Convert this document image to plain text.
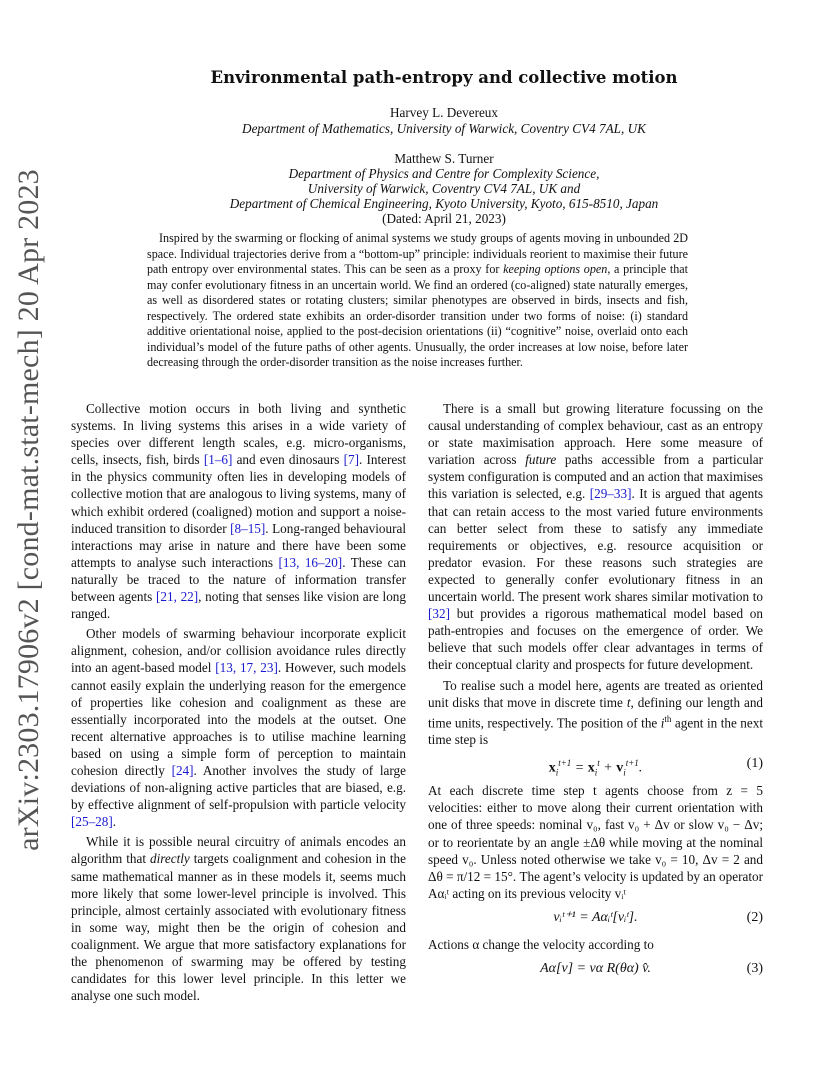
arXiv:2303.17906v2 [cond-mat.stat-mech] 20 Apr 2023
Environmental path-entropy and collective motion
Harvey L. Devereux
Department of Mathematics, University of Warwick, Coventry CV4 7AL, UK
Matthew S. Turner
Department of Physics and Centre for Complexity Science,
University of Warwick, Coventry CV4 7AL, UK and
Department of Chemical Engineering, Kyoto University, Kyoto, 615-8510, Japan
(Dated: April 21, 2023)

Inspired by the swarming or flocking of animal systems we study groups of agents moving in unbounded 2D space. Individual trajectories derive from a “bottom-up” principle: individuals reorient to maximise their future path entropy over environmental states. This can be seen as a proxy for keeping options open, a principle that may confer evolutionary fitness in an uncertain world. We find an ordered (co-aligned) state naturally emerges, as well as disordered states or rotating clusters; similar phenotypes are observed in birds, insects and fish, respectively. The ordered state exhibits an order-disorder transition under two forms of noise: (i) standard additive orientational noise, applied to the post-decision orientations (ii) “cognitive” noise, overlaid onto each individual’s model of the future paths of other agents. Unusually, the order increases at low noise, before later decreasing through the order-disorder transition as the noise increases further.

Collective motion occurs in both living and synthetic systems. In living systems this arises in a wide variety of species over different length scales, e.g. micro-organisms, cells, insects, fish, birds [1–6] and even dinosaurs [7]. Interest in the physics community often lies in developing models of collective motion that are analogous to living systems, many of which exhibit ordered (coaligned) motion and support a noise-induced transition to disorder [8–15]. Long-ranged behavioural interactions may arise in nature and there have been some attempts to analyse such interactions [13, 16–20]. These can naturally be traced to the nature of information transfer between agents [21, 22], noting that senses like vision are long ranged.

Other models of swarming behaviour incorporate explicit alignment, cohesion, and/or collision avoidance rules directly into an agent-based model [13, 17, 23]. However, such models cannot easily explain the underlying reason for the emergence of properties like cohesion and coalignment as these are essentially incorporated into the models at the outset. One recent alternative approaches is to utilise machine learning based on using a simple form of perception to maintain cohesion directly [24]. Another involves the study of large deviations of non-aligning active particles that are biased, e.g. by effective alignment of self-propulsion with particle velocity [25–28].

While it is possible neural circuitry of animals encodes an algorithm that directly targets coalignment and cohesion in the same mathematical manner as in these models it, seems much more likely that some lower-level principle is involved. This principle, almost certainly associated with evolutionary fitness in some way, might then be the origin of cohesion and coalignment. We argue that more satisfactory explanations for the phenomenon of swarming may be offered by testing candidates for this lower level principle. In this letter we analyse one such model.

There is a small but growing literature focussing on the causal understanding of complex behaviour, cast as an entropy or state maximisation approach. Here some measure of variation across future paths accessible from a particular system configuration is computed and an action that maximises this variation is selected, e.g. [29–33]. It is argued that agents that can retain access to the most varied future environments can better select from these to satisfy any immediate requirements or objectives, e.g. resource acquisition or predator evasion. For these reasons such strategies are expected to generally confer evolutionary fitness in an uncertain world. The present work shares similar motivation to [32] but provides a rigorous mathematical model based on path-entropies and focuses on the emergence of order. We believe that such models offer clear advantages in terms of their conceptual clarity and prospects for future development.

To realise such a model here, agents are treated as oriented unit disks that move in discrete time t, defining our length and time units, respectively. The position of the $i^{th}$ agent in the next time step is

$x_i^{t+1} = x_i^t + v_i^{t+1}$.	(1)

At each discrete time step t agents choose from z = 5 velocities: either to move along their current orientation with one of three speeds: nominal v₀, fast v₀ + Δv or slow v₀ − Δv; or to reorientate by an angle ±Δθ while moving at the nominal speed v₀. Unless noted otherwise we take v₀ = 10, Δv = 2 and Δθ = π/12 = 15°. The agent’s velocity is updated by an operator Aαᵢᵗ acting on its previous velocity vᵢᵗ

vᵢᵗ⁺¹ = Aαᵢᵗ[vᵢᵗ].	(2)

Actions α change the velocity according to

Aα[v] = vα R(θα) v̂.	(3)
